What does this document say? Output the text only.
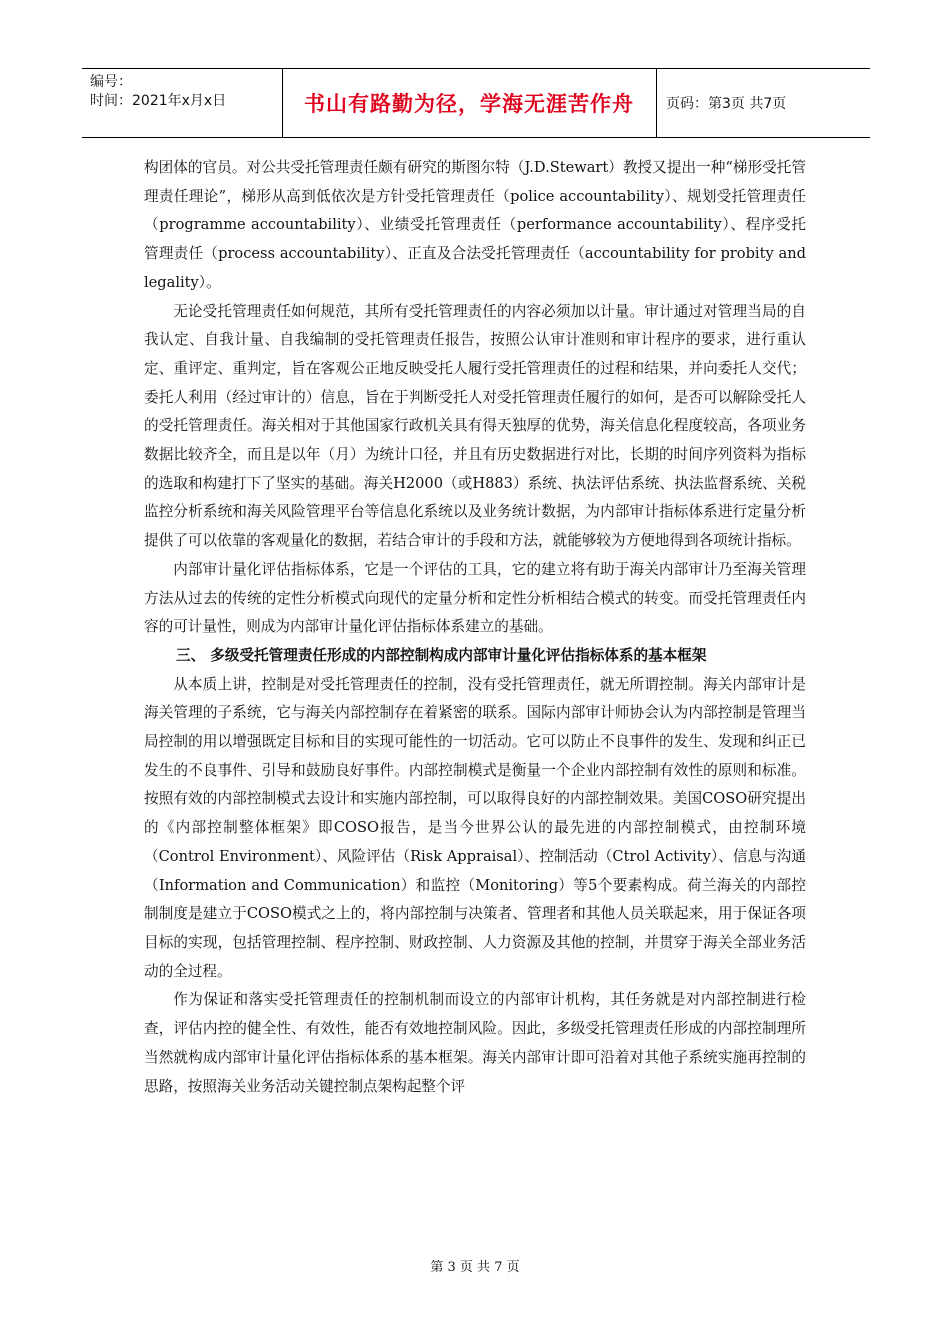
编号：
时间：2021年x月x日	书山有路勤为径，学海无涯苦作舟	页码：第3页 共7页

构团体的官员。对公共受托管理责任颇有研究的斯图尔特（J.D.Stewart）教授又提出一种“梯形受托管理责任理论”，梯形从高到低依次是方针受托管理责任（police accountability）、规划受托管理责任（programme accountability）、业绩受托管理责任（performance accountability）、程序受托管理责任（process accountability）、正直及合法受托管理责任（accountability for probity and legality）。

无论受托管理责任如何规范，其所有受托管理责任的内容必须加以计量。审计通过对管理当局的自我认定、自我计量、自我编制的受托管理责任报告，按照公认审计准则和审计程序的要求，进行重认定、重评定、重判定，旨在客观公正地反映受托人履行受托管理责任的过程和结果，并向委托人交代；委托人利用（经过审计的）信息，旨在于判断受托人对受托管理责任履行的如何，是否可以解除受托人的受托管理责任。海关相对于其他国家行政机关具有得天独厚的优势，海关信息化程度较高，各项业务数据比较齐全，而且是以年（月）为统计口径，并且有历史数据进行对比，长期的时间序列资料为指标的选取和构建打下了坚实的基础。海关H2000（或H883）系统、执法评估系统、执法监督系统、关税监控分析系统和海关风险管理平台等信息化系统以及业务统计数据，为内部审计指标体系进行定量分析提供了可以依靠的客观量化的数据，若结合审计的手段和方法，就能够较为方便地得到各项统计指标。

内部审计量化评估指标体系，它是一个评估的工具，它的建立将有助于海关内部审计乃至海关管理方法从过去的传统的定性分析模式向现代的定量分析和定性分析相结合模式的转变。而受托管理责任内容的可计量性，则成为内部审计量化评估指标体系建立的基础。

三、 多级受托管理责任形成的内部控制构成内部审计量化评估指标体系的基本框架

从本质上讲，控制是对受托管理责任的控制，没有受托管理责任，就无所谓控制。海关内部审计是海关管理的子系统，它与海关内部控制存在着紧密的联系。国际内部审计师协会认为内部控制是管理当局控制的用以增强既定目标和目的实现可能性的一切活动。它可以防止不良事件的发生、发现和纠正已发生的不良事件、引导和鼓励良好事件。内部控制模式是衡量一个企业内部控制有效性的原则和标准。按照有效的内部控制模式去设计和实施内部控制，可以取得良好的内部控制效果。美国COSO研究提出的《内部控制整体框架》即COSO报告，是当今世界公认的最先进的内部控制模式，由控制环境（Control Environment）、风险评估（Risk Appraisal）、控制活动（Ctrol Activity）、信息与沟通（Information and Communication）和监控（Monitoring）等5个要素构成。荷兰海关的内部控制制度是建立于COSO模式之上的，将内部控制与决策者、管理者和其他人员关联起来，用于保证各项目标的实现，包括管理控制、程序控制、财政控制、人力资源及其他的控制，并贯穿于海关全部业务活动的全过程。

作为保证和落实受托管理责任的控制机制而设立的内部审计机构，其任务就是对内部控制进行检查，评估内控的健全性、有效性，能否有效地控制风险。因此，多级受托管理责任形成的内部控制理所当然就构成内部审计量化评估指标体系的基本框架。海关内部审计即可沿着对其他子系统实施再控制的思路，按照海关业务活动关键控制点架构起整个评

第 3 页 共 7 页
